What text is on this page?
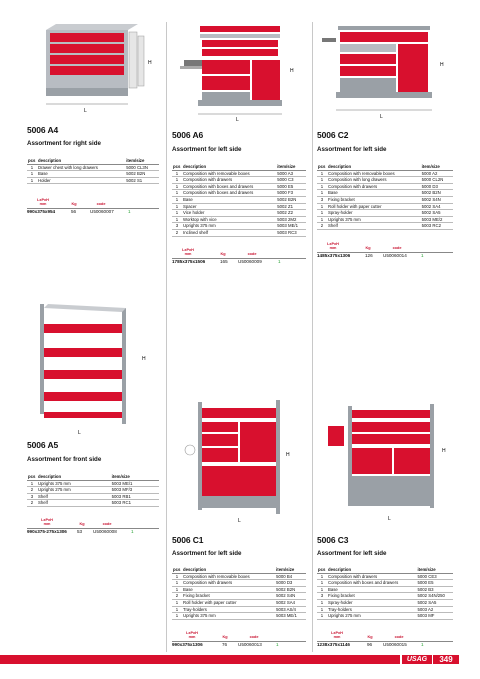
L
H
5006 A4
Assortment for right side
pcs	description	item/size
1	Drawer chest with long drawers	5000 CL3N
1	Base	5002 B2N
1	Holder	5002 S1
LxPxH
mm	Kg	code
990x375x954	56	U50060007	1
L
H
5006 A6
Assortment for left side
pcs	description	item/size
1	Composition with removable boxes	5000 A3
1	Composition with drawers	5000 C3
1	Composition with boxes and drawers	5000 E5
1	Composition with boxes and drawers	5000 F3
1	Base	5002 B2N
1	Spacer	5002 Z1
1	Vice holder	5002 Z2
1	Worktop with vice	5003 2M2
3	Uprights 375 mm	5003 ME/1
2	Inclined shelf	5003 RC3
LxPxH
mm	Kg	code
1785x375x1506	165 U50060009	1
L
H
5006 C2
Assortment for left side
pcs	description	item/size
1	Composition with removable boxes	5000 A2
1	Composition with long drawers	5000 CL2N
1	Composition with drawers	5000 D3
1	Base	5002 B2N
3	Fixing bracket	5002 S4N
1	Roll holder with paper cutter	5002 SA4
1	Spray-holder	5002 SA5
1	Uprights 375 mm	5003 ME/2
2	Shelf	5003 RC2
LxPxH
mm	Kg	code
1485x375x1306	126 U50060014	1
H
L
5006 A5
Assortment for front side
pcs	description	item/size
1	Uprights 375 mm	5003 ME/1
2	Uprights 275 mm	5003 MF/3
3	Shelf	5003 RB1
2	Shelf	5003 RC1
LxPxH
mm	Kg	code
990x375-275x1306 53 U50060008	1
H
L
5006 C1
Assortment for left side
pcs	description	item/size
1	Composition with removable boxes	5000 B4
1	Composition with drawers	5000 D3
1	Base	5002 B2N
2	Fixing bracket	5002 S4N
1	Roll holder with paper cutter	5002 SA4
1	Tray-holders	5003 AS/4
1	Uprights 375 mm	5003 ME/1
LxPxH
mm	Kg	code
990x375x1306	76 U50060013	1
H
L
5006 C3
Assortment for left side
pcs	description	item/size
1	Composition with drawers	5000 CE3
1	Composition with boxes and drawers	5000 E5
1	Base	5002 B3
3	Fixing bracket	5002 S4N/250
1	Spray-holder	5002 SA5
1	Tray-holders	5003 A2
1	Uprights 275 mm	5003 MF
LxPxH
mm	Kg	code
1238x375x1146	96 U50060015	1
USAG	349
